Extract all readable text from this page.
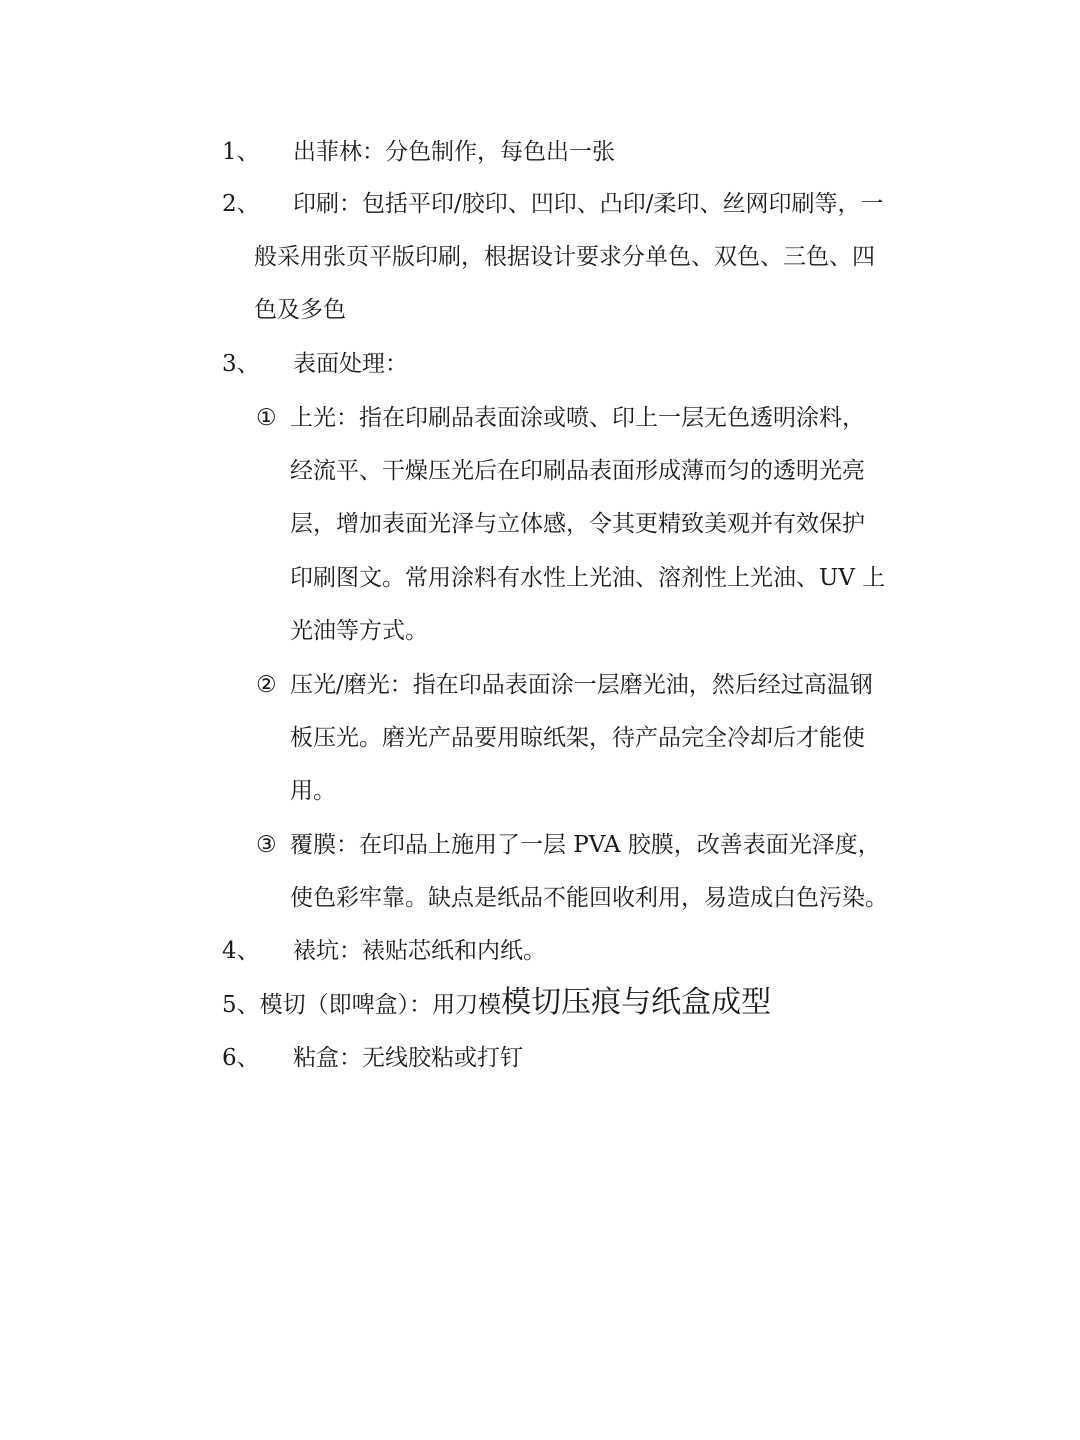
1、 出菲林：分色制作，每色出一张
2、 印刷：包括平印/胶印、凹印、凸印/柔印、丝网印刷等，一
般采用张页平版印刷，根据设计要求分单色、双色、三色、四
色及多色
3、 表面处理：
① 上光：指在印刷品表面涂或喷、印上一层无色透明涂料，
经流平、干燥压光后在印刷品表面形成薄而匀的透明光亮
层，增加表面光泽与立体感，令其更精致美观并有效保护
印刷图文。常用涂料有水性上光油、溶剂性上光油、UV 上
光油等方式。
② 压光/磨光：指在印品表面涂一层磨光油，然后经过高温钢
板压光。磨光产品要用晾纸架，待产品完全冷却后才能使
用。
③ 覆膜：在印品上施用了一层 PVA 胶膜，改善表面光泽度，
使色彩牢靠。缺点是纸品不能回收利用，易造成白色污染。
4、 裱坑：裱贴芯纸和内纸。
5、模切（即啤盒）：用刀模模切压痕与纸盒成型
6、 粘盒：无线胶粘或打钉
